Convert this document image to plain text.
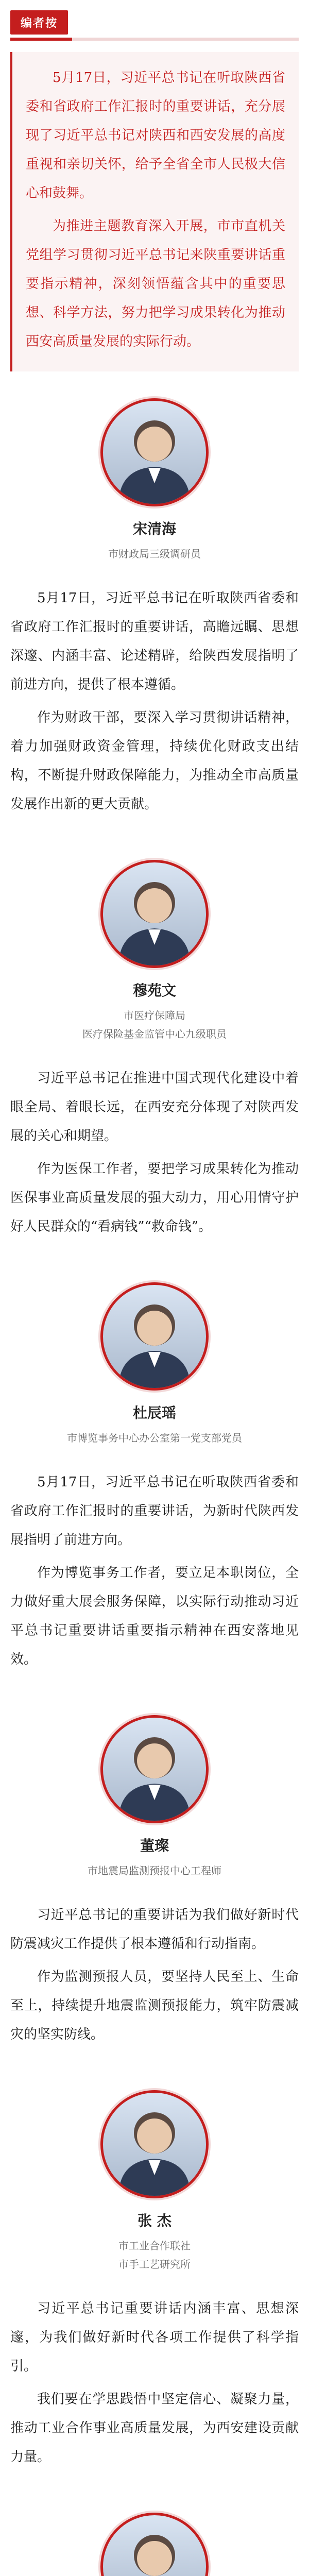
编者按

5月17日，习近平总书记在听取陕西省委和省政府工作汇报时的重要讲话，充分展现了习近平总书记对陕西和西安发展的高度重视和亲切关怀，给予全省全市人民极大信心和鼓舞。

为推进主题教育深入开展，市市直机关党组学习贯彻习近平总书记来陕重要讲话重要指示精神，深刻领悟蕴含其中的重要思想、科学方法，努力把学习成果转化为推动西安高质量发展的实际行动。

宋清海
市财政局三级调研员

5月17日，习近平总书记在听取陕西省委和省政府工作汇报时的重要讲话，高瞻远瞩、思想深邃、内涵丰富、论述精辟，给陕西发展指明了前进方向，提供了根本遵循。

作为财政干部，要深入学习贯彻讲话精神，着力加强财政资金管理，持续优化财政支出结构，不断提升财政保障能力，为推动全市高质量发展作出新的更大贡献。

穆苑文
市医疗保障局
医疗保险基金监管中心九级职员

习近平总书记在推进中国式现代化建设中着眼全局、着眼长远，在西安充分体现了对陕西发展的关心和期望。

作为医保工作者，要把学习成果转化为推动医保事业高质量发展的强大动力，用心用情守护好人民群众的“看病钱”“救命钱”。

杜辰瑶
市博览事务中心办公室第一党支部党员

5月17日，习近平总书记在听取陕西省委和省政府工作汇报时的重要讲话，为新时代陕西发展指明了前进方向。

作为博览事务工作者，要立足本职岗位，全力做好重大展会服务保障，以实际行动推动习近平总书记重要讲话重要指示精神在西安落地见效。

董璨
市地震局监测预报中心工程师

习近平总书记的重要讲话为我们做好新时代防震减灾工作提供了根本遵循和行动指南。

作为监测预报人员，要坚持人民至上、生命至上，持续提升地震监测预报能力，筑牢防震减灾的坚实防线。

张 杰
市工业合作联社
市手工艺研究所

习近平总书记重要讲话内涵丰富、思想深邃，为我们做好新时代各项工作提供了科学指引。

我们要在学思践悟中坚定信心、凝聚力量，推动工业合作事业高质量发展，为西安建设贡献力量。
